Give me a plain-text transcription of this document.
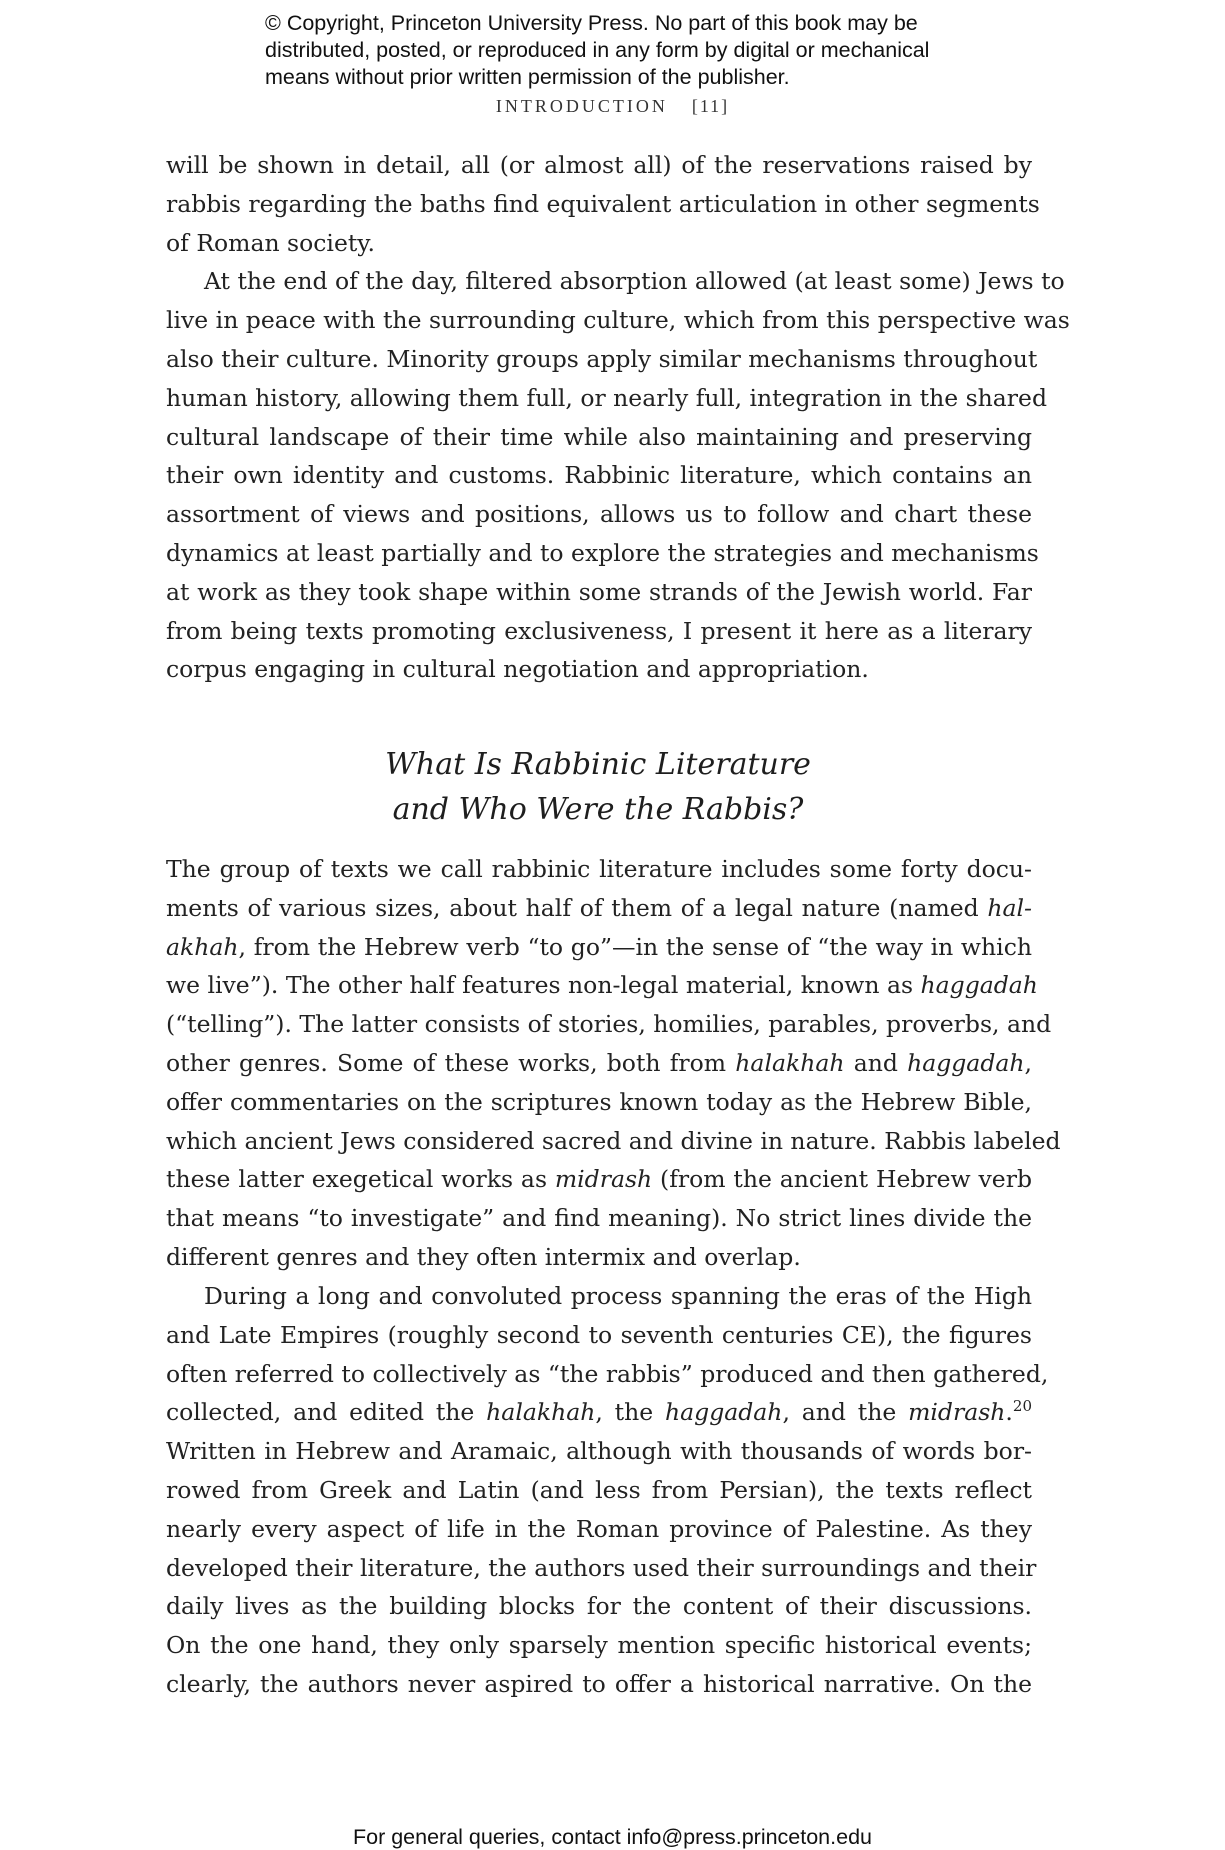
© Copyright, Princeton University Press. No part of this book may be
distributed, posted, or reproduced in any form by digital or mechanical
means without prior written permission of the publisher.
INTRODUCTION [11]
will be shown in detail, all (or almost all) of the reservations raised by
rabbis regarding the baths find equivalent articulation in other segments
of Roman society.
At the end of the day, filtered absorption allowed (at least some) Jews to
live in peace with the surrounding culture, which from this perspective was
also their culture. Minority groups apply similar mechanisms throughout
human history, allowing them full, or nearly full, integration in the shared
cultural landscape of their time while also maintaining and preserving
their own identity and customs. Rabbinic literature, which contains an
assortment of views and positions, allows us to follow and chart these
dynamics at least partially and to explore the strategies and mechanisms
at work as they took shape within some strands of the Jewish world. Far
from being texts promoting exclusiveness, I present it here as a literary
corpus engaging in cultural negotiation and appropriation.
What Is Rabbinic Literature
and Who Were the Rabbis?
The group of texts we call rabbinic literature includes some forty docu-
ments of various sizes, about half of them of a legal nature (named hal-
akhah, from the Hebrew verb “to go”—in the sense of “the way in which
we live”). The other half features non-legal material, known as haggadah
(“telling”). The latter consists of stories, homilies, parables, proverbs, and
other genres. Some of these works, both from halakhah and haggadah,
offer commentaries on the scriptures known today as the Hebrew Bible,
which ancient Jews considered sacred and divine in nature. Rabbis labeled
these latter exegetical works as midrash (from the ancient Hebrew verb
that means “to investigate” and find meaning). No strict lines divide the
different genres and they often intermix and overlap.
During a long and convoluted process spanning the eras of the High
and Late Empires (roughly second to seventh centuries CE), the figures
often referred to collectively as “the rabbis” produced and then gathered,
collected, and edited the halakhah, the haggadah, and the midrash.$^{20}$
Written in Hebrew and Aramaic, although with thousands of words bor-
rowed from Greek and Latin (and less from Persian), the texts reflect
nearly every aspect of life in the Roman province of Palestine. As they
developed their literature, the authors used their surroundings and their
daily lives as the building blocks for the content of their discussions.
On the one hand, they only sparsely mention specific historical events;
clearly, the authors never aspired to offer a historical narrative. On the
For general queries, contact info@press.princeton.edu
